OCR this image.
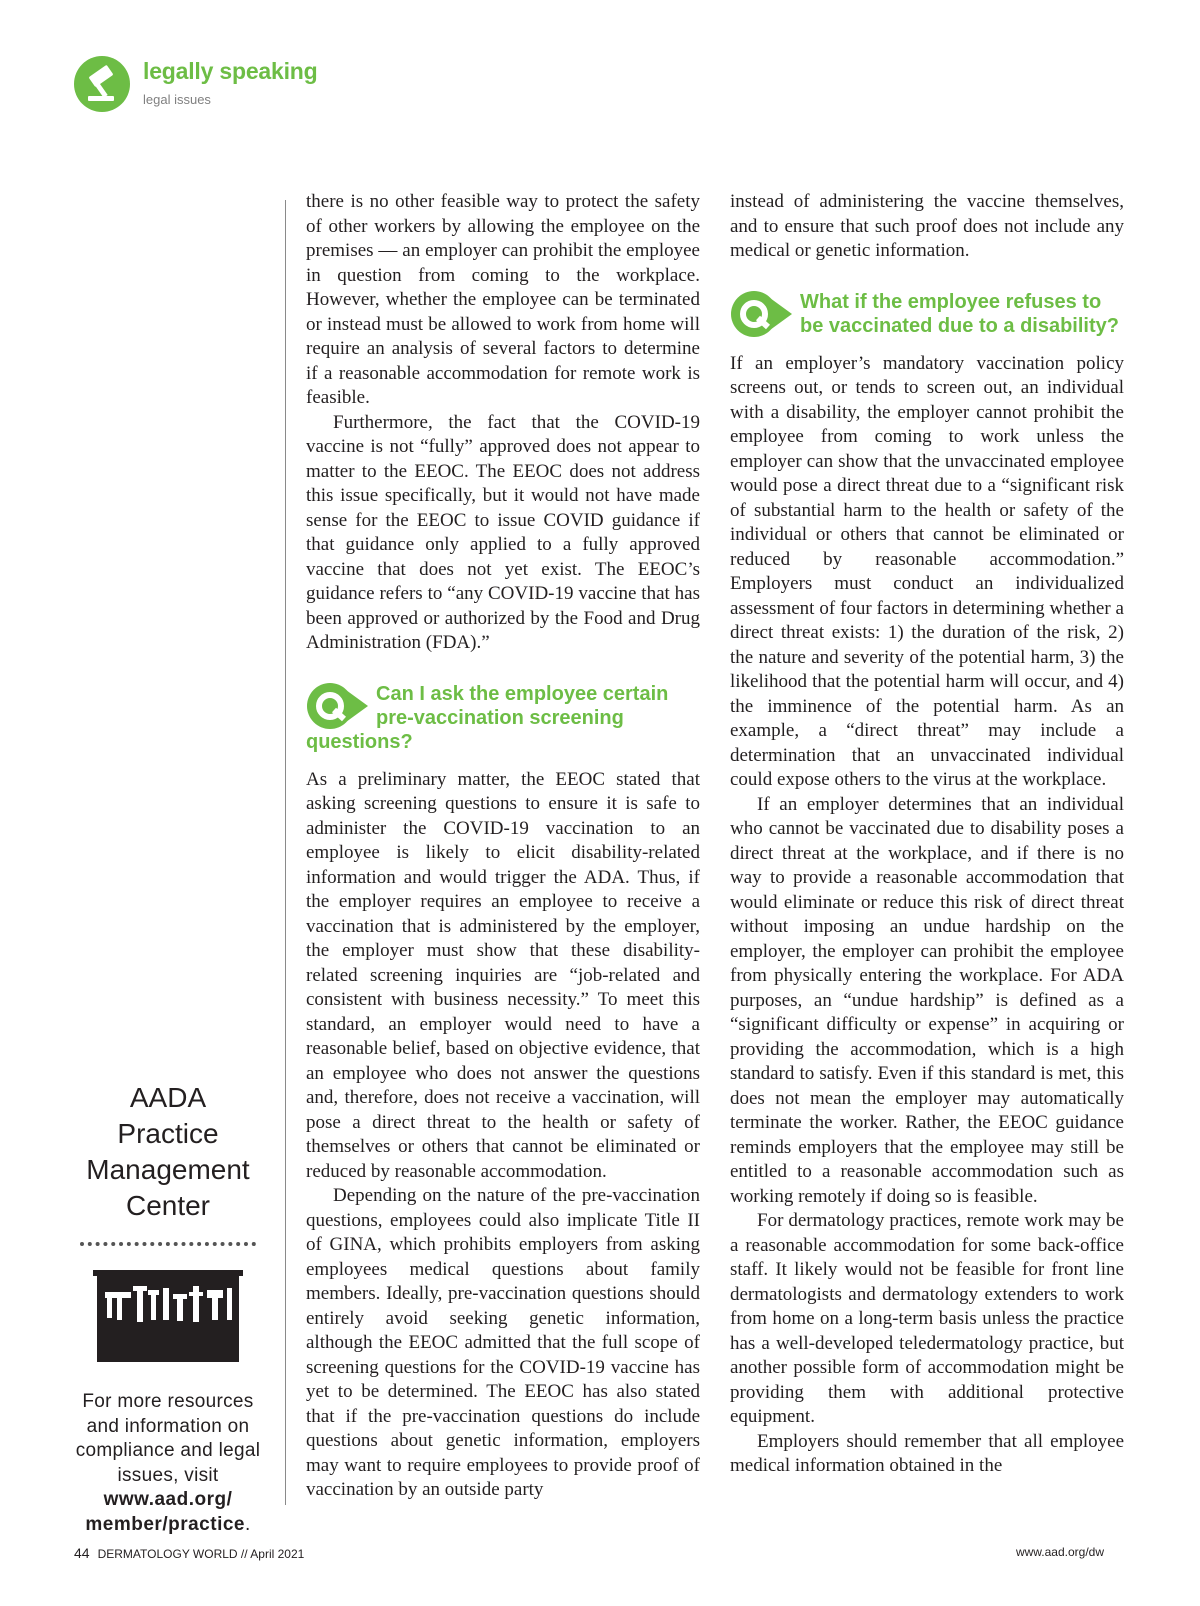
legally speaking
legal issues
AADA
Practice
Management
Center
For more resources and information on compliance and legal issues, visit
www.aad.org/
member/practice.

there is no other feasible way to protect the safety of other workers by allowing the employee on the premises — an employer can prohibit the employee in question from coming to the workplace. However, whether the employee can be terminated or instead must be allowed to work from home will require an analysis of several factors to determine if a reasonable accommodation for remote work is feasible.

Furthermore, the fact that the COVID-19 vaccine is not “fully” approved does not appear to matter to the EEOC. The EEOC does not address this issue specifically, but it would not have made sense for the EEOC to issue COVID guidance if that guidance only applied to a fully approved vaccine that does not yet exist. The EEOC’s guidance refers to “any COVID-19 vaccine that has been approved or authorized by the Food and Drug Administration (FDA).”

Can I ask the employee certain pre-vaccination screening questions?

As a preliminary matter, the EEOC stated that asking screening questions to ensure it is safe to administer the COVID-19 vaccination to an employee is likely to elicit disability-related information and would trigger the ADA. Thus, if the employer requires an employee to receive a vaccination that is administered by the employer, the employer must show that these disability-related screening inquiries are “job-related and consistent with business necessity.” To meet this standard, an employer would need to have a reasonable belief, based on objective evidence, that an employee who does not answer the questions and, therefore, does not receive a vaccination, will pose a direct threat to the health or safety of themselves or others that cannot be eliminated or reduced by reasonable accommodation.

Depending on the nature of the pre-vaccination questions, employees could also implicate Title II of GINA, which prohibits employers from asking employees medical questions about family members. Ideally, pre-vaccination questions should entirely avoid seeking genetic information, although the EEOC admitted that the full scope of screening questions for the COVID-19 vaccine has yet to be determined. The EEOC has also stated that if the pre-vaccination questions do include questions about genetic information, employers may want to require employees to provide proof of vaccination by an outside party

instead of administering the vaccine themselves, and to ensure that such proof does not include any medical or genetic information.

What if the employee refuses to be vaccinated due to a disability?

If an employer’s mandatory vaccination policy screens out, or tends to screen out, an individual with a disability, the employer cannot prohibit the employee from coming to work unless the employer can show that the unvaccinated employee would pose a direct threat due to a “significant risk of substantial harm to the health or safety of the individual or others that cannot be eliminated or reduced by reasonable accommodation.” Employers must conduct an individualized assessment of four factors in determining whether a direct threat exists: 1) the duration of the risk, 2) the nature and severity of the potential harm, 3) the likelihood that the potential harm will occur, and 4) the imminence of the potential harm. As an example, a “direct threat” may include a determination that an unvaccinated individual could expose others to the virus at the workplace.

If an employer determines that an individual who cannot be vaccinated due to disability poses a direct threat at the workplace, and if there is no way to provide a reasonable accommodation that would eliminate or reduce this risk of direct threat without imposing an undue hardship on the employer, the employer can prohibit the employee from physically entering the workplace. For ADA purposes, an “undue hardship” is defined as a “significant difficulty or expense” in acquiring or providing the accommodation, which is a high standard to satisfy. Even if this standard is met, this does not mean the employer may automatically terminate the worker. Rather, the EEOC guidance reminds employers that the employee may still be entitled to a reasonable accommodation such as working remotely if doing so is feasible.

For dermatology practices, remote work may be a reasonable accommodation for some back-office staff. It likely would not be feasible for front line dermatologists and dermatology extenders to work from home on a long-term basis unless the practice has a well-developed teledermatology practice, but another possible form of accommodation might be providing them with additional protective equipment.

Employers should remember that all employee medical information obtained in the

44 DERMATOLOGY WORLD // April 2021	www.aad.org/dw
